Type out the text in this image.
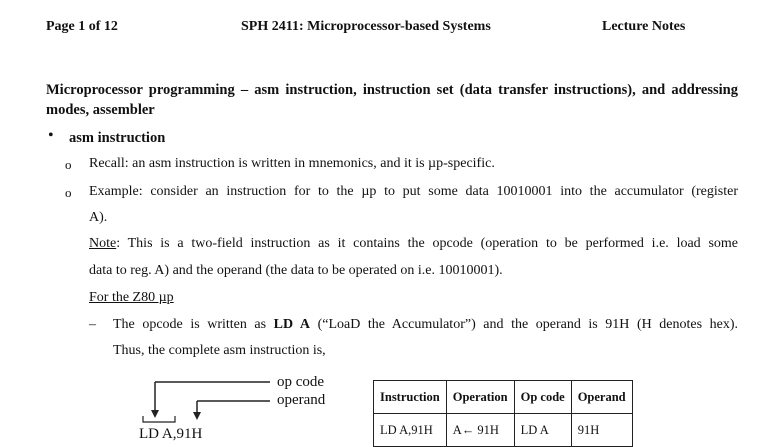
Page 1 of 12	SPH 2411: Microprocessor-based Systems	Lecture Notes
Microprocessor programming – asm instruction, instruction set (data transfer instructions), and addressing modes, assembler
• asm instruction
o Recall: an asm instruction is written in mnemonics, and it is µp-specific.
o Example: consider an instruction for to the µp to put some data 10010001 into the accumulator (register
A).
Note: This is a two-field instruction as it contains the opcode (operation to be performed i.e. load some
data to reg. A) and the operand (the data to be operated on i.e. 10010001).
For the Z80 µp
– The opcode is written as LD A (“LoaD the Accumulator”) and the operand is 91H (H denotes hex).
Thus, the complete asm instruction is,
op code
operand
LD A,91H
Instruction	Operation	Op code	Operand
LD A,91H	A← 91H	LD A	91H
